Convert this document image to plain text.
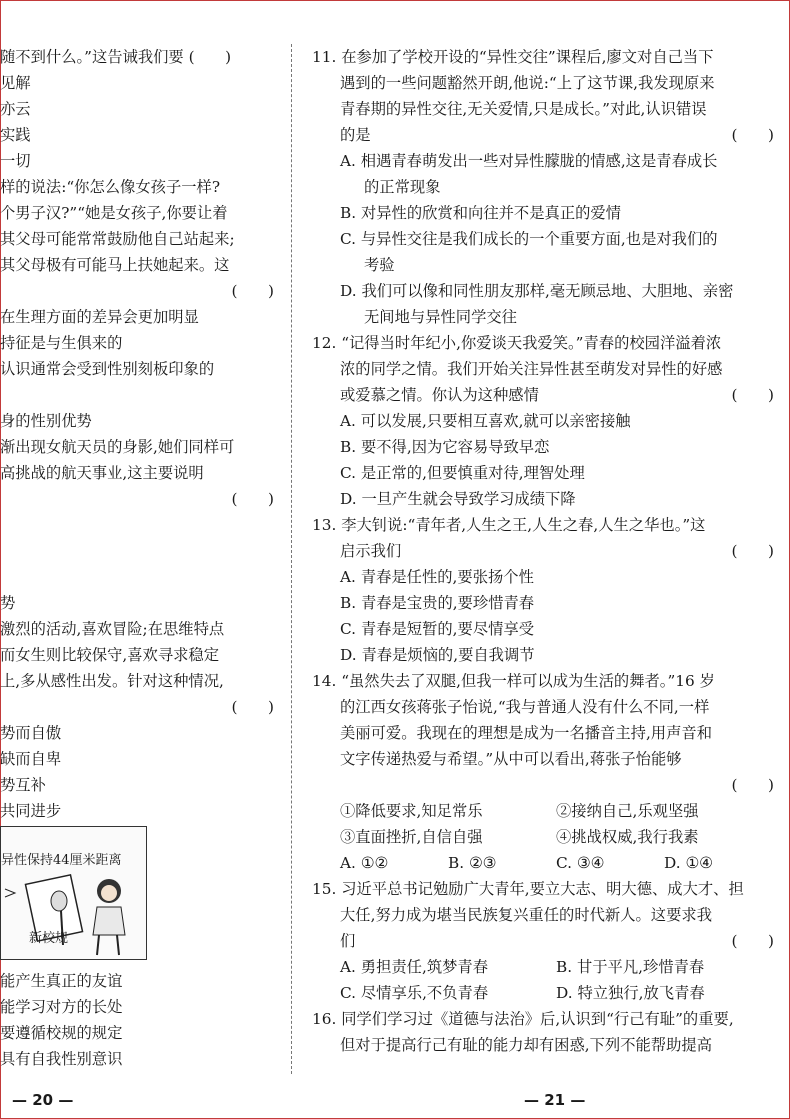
随不到什么。”这告诫我们要 (　　)
见解
亦云
实践
一切
样的说法:“你怎么像女孩子一样?
个男子汉?”“她是女孩子,你要让着
其父母可能常常鼓励他自己站起来;
其父母极有可能马上扶她起来。这
(　　)
在生理方面的差异会更加明显
持征是与生俱来的
认识通常会受到性别刻板印象的
身的性别优势
渐出现女航天员的身影,她们同样可
高挑战的航天事业,这主要说明
(　　)
势
激烈的活动,喜欢冒险;在思维特点
而女生则比较保守,喜欢寻求稳定
上,多从感性出发。针对这种情况,
(　　)
势而自傲
缺而自卑
势互补
共同进步
异性保持44厘米距离
新校规
能产生真正的友谊
能学习对方的长处
要遵循校规的规定
具有自我性别意识
11. 在参加了学校开设的“异性交往”课程后,廖文对自己当下
遇到的一些问题豁然开朗,他说:“上了这节课,我发现原来
青春期的异性交往,无关爱情,只是成长。”对此,认识错误
的是	(　　)
A. 相遇青春萌发出一些对异性朦胧的情感,这是青春成长
的正常现象
B. 对异性的欣赏和向往并不是真正的爱情
C. 与异性交往是我们成长的一个重要方面,也是对我们的
考验
D. 我们可以像和同性朋友那样,毫无顾忌地、大胆地、亲密
无间地与异性同学交往
12. “记得当时年纪小,你爱谈天我爱笑。”青春的校园洋溢着浓
浓的同学之情。我们开始关注异性甚至萌发对异性的好感
或爱慕之情。你认为这种感情	(　　)
A. 可以发展,只要相互喜欢,就可以亲密接触
B. 要不得,因为它容易导致早恋
C. 是正常的,但要慎重对待,理智处理
D. 一旦产生就会导致学习成绩下降
13. 李大钊说:“青年者,人生之王,人生之春,人生之华也。”这
启示我们	(　　)
A. 青春是任性的,要张扬个性
B. 青春是宝贵的,要珍惜青春
C. 青春是短暂的,要尽情享受
D. 青春是烦恼的,要自我调节
14. “虽然失去了双腿,但我一样可以成为生活的舞者。”16 岁
的江西女孩蒋张子怡说,“我与普通人没有什么不同,一样
美丽可爱。我现在的理想是成为一名播音主持,用声音和
文字传递热爱与希望。”从中可以看出,蒋张子怡能够
(　　)
①降低要求,知足常乐	②接纳自己,乐观坚强
③直面挫折,自信自强	④挑战权威,我行我素
A. ①②	B. ②③	C. ③④	D. ①④
15. 习近平总书记勉励广大青年,要立大志、明大德、成大才、担
大任,努力成为堪当民族复兴重任的时代新人。这要求我
们	(　　)
A. 勇担责任,筑梦青春	B. 甘于平凡,珍惜青春
C. 尽情享乐,不负青春	D. 特立独行,放飞青春
16. 同学们学习过《道德与法治》后,认识到“行己有耻”的重要,
但对于提高行己有耻的能力却有困惑,下列不能帮助提高
— 20 —	— 21 —
